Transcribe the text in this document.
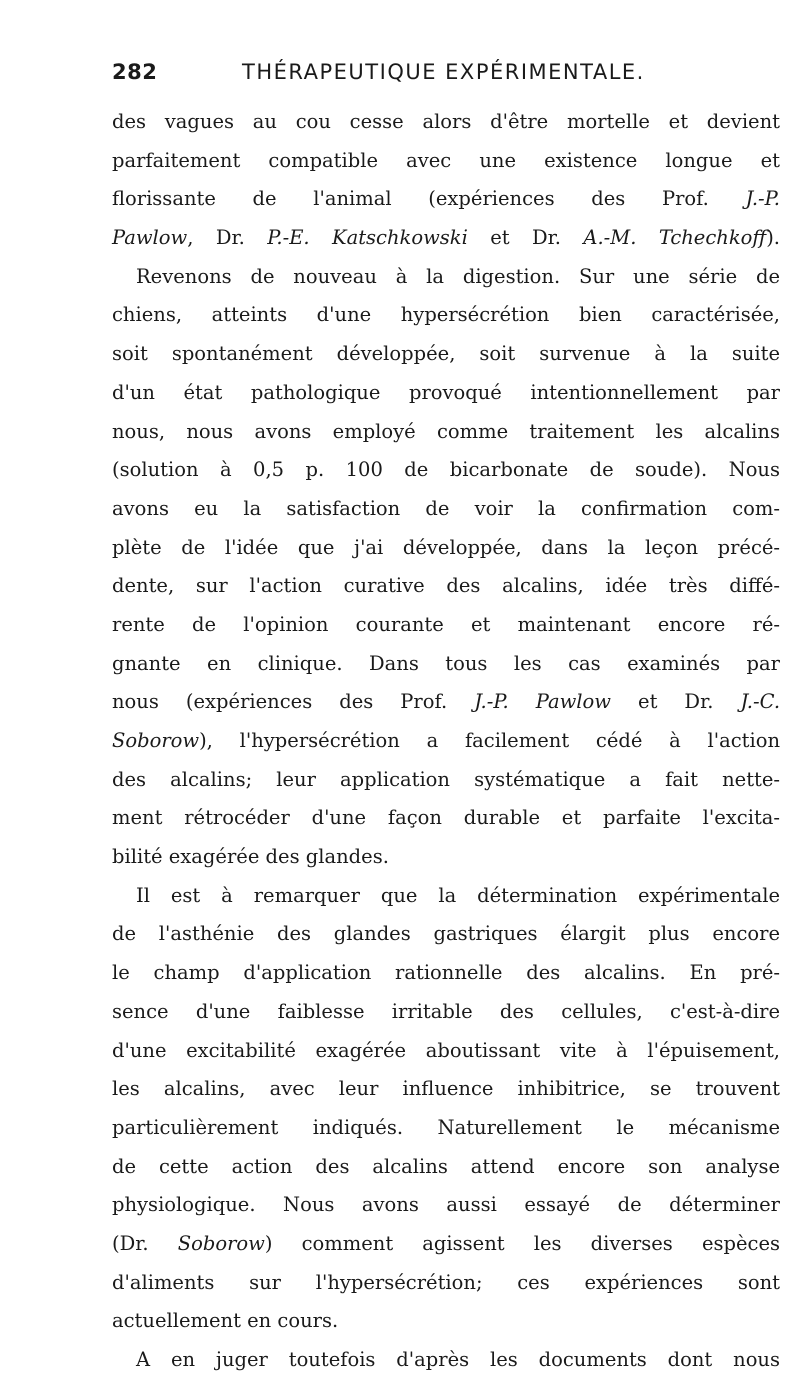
282	THÉRAPEUTIQUE EXPÉRIMENTALE.
des vagues au cou cesse alors d'être mortelle et devient
parfaitement compatible avec une existence longue et
florissante de l'animal (expériences des Prof. J.-P.
Pawlow, Dr. P.-E. Katschkowski et Dr. A.-M. Tchechkoff).
Revenons de nouveau à la digestion. Sur une série de
chiens, atteints d'une hypersécrétion bien caractérisée,
soit spontanément développée, soit survenue à la suite
d'un état pathologique provoqué intentionnellement par
nous, nous avons employé comme traitement les alcalins
(solution à 0,5 p. 100 de bicarbonate de soude). Nous
avons eu la satisfaction de voir la confirmation com-
plète de l'idée que j'ai développée, dans la leçon précé-
dente, sur l'action curative des alcalins, idée très diffé-
rente de l'opinion courante et maintenant encore ré-
gnante en clinique. Dans tous les cas examinés par
nous (expériences des Prof. J.-P. Pawlow et Dr. J.-C.
Soborow), l'hypersécrétion a facilement cédé à l'action
des alcalins; leur application systématique a fait nette-
ment rétrocéder d'une façon durable et parfaite l'excita-
bilité exagérée des glandes.
Il est à remarquer que la détermination expérimentale
de l'asthénie des glandes gastriques élargit plus encore
le champ d'application rationnelle des alcalins. En pré-
sence d'une faiblesse irritable des cellules, c'est-à-dire
d'une excitabilité exagérée aboutissant vite à l'épuisement,
les alcalins, avec leur influence inhibitrice, se trouvent
particulièrement indiqués. Naturellement le mécanisme
de cette action des alcalins attend encore son analyse
physiologique. Nous avons aussi essayé de déterminer
(Dr. Soborow) comment agissent les diverses espèces
d'aliments sur l'hypersécrétion; ces expériences sont
actuellement en cours.
A en juger toutefois d'après les documents dont nous
